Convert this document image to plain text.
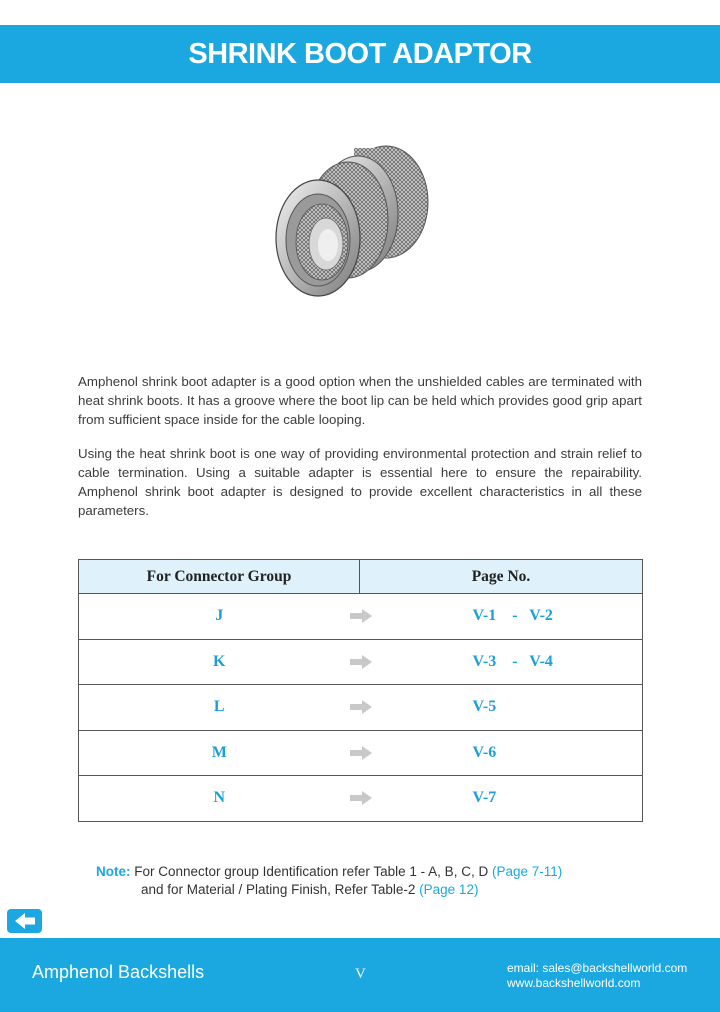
SHRINK BOOT ADAPTOR

Amphenol shrink boot adapter is a good option when the unshielded cables are terminated with heat shrink boots. It has a groove where the boot lip can be held which provides good grip apart from sufficient space inside for the cable looping.

Using the heat shrink boot is one way of providing environmental protection and strain relief to cable termination. Using a suitable adapter is essential here to ensure the repairability. Amphenol shrink boot adapter is designed to provide excellent characteristics in all these parameters.

For Connector Group	Page No.
J		V-1    -   V-2
K		V-3    -   V-4
L		V-5
M		V-6
N		V-7
Note: For Connector group Identification refer Table 1 - A, B, C, D (Page 7-11)
and for Material / Plating Finish, Refer Table-2 (Page 12)
Amphenol Backshells	V	email: sales@backshellworld.com
www.backshellworld.com
